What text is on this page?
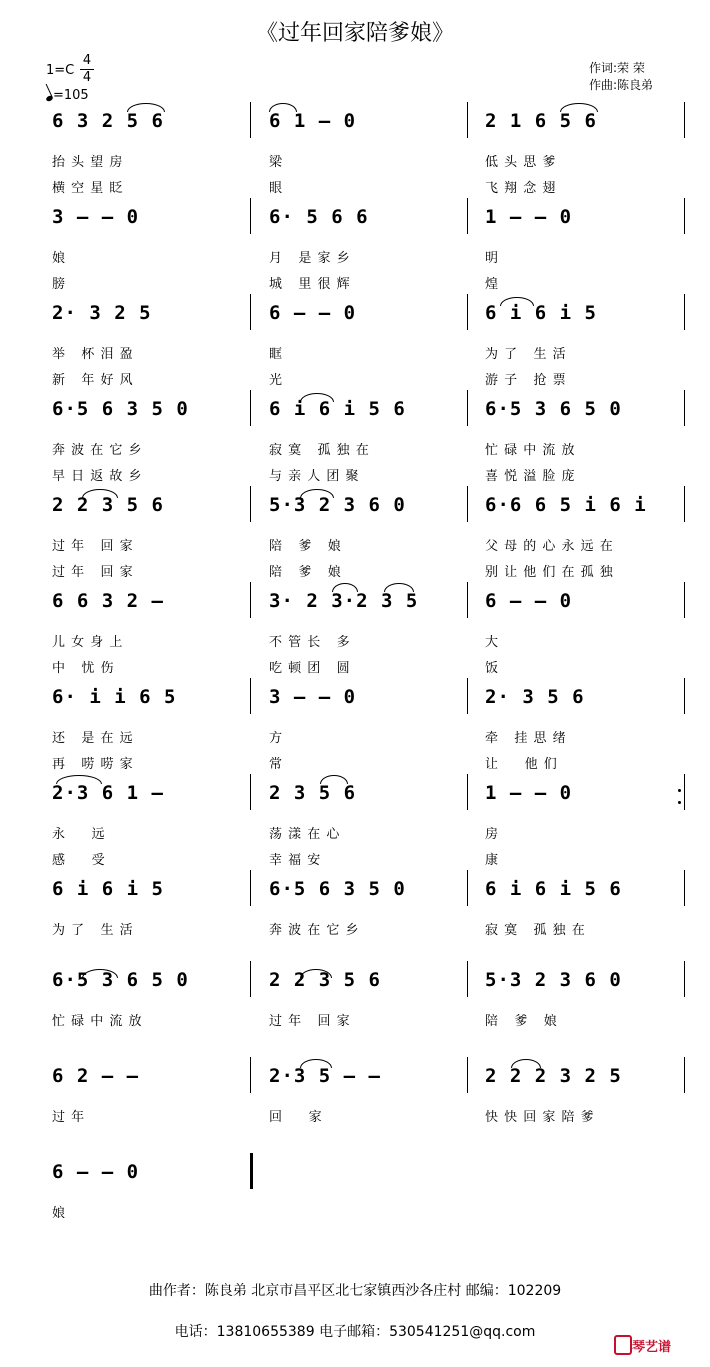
《过年回家陪爹娘》
1=C
4
4
=105
作词:荣 荣
作曲:陈良弟
6 3 2 5 6	6 1 – 0	2 1 6 5 6
抬 头 望 房	梁	低 头 思 爹
横 空 星 眨	眼	飞 翔 念 翅
3 – – 0	6· 5 6 6	1 – – 0
娘	月   是 家 乡	明
膀	城   里 很 辉	煌
2· 3 2 5	6 – – 0	6 i 6 i 5
举   杯 泪 盈	眶	为 了   生 活
新   年 好 风	光	游 子   抢 票
6·5 6 3 5 0	6 i 6 i 5 6	6·5 3 6 5 0
奔 波 在 它 乡	寂 寞   孤 独 在	忙 碌 中 流 放
早 日 返 故 乡	与 亲 人 团 聚	喜 悦 溢 脸 庞
2 2 3 5 6	5·3 2 3 6 0	6·6 6 5 i 6 i
过 年   回 家	陪   爹   娘	父 母 的 心 永 远 在
过 年   回 家	陪   爹   娘	别 让 他 们 在 孤 独
6 6 3 2 –	3· 2 3·2 3 5	6 – – 0
儿 女 身 上	不 管 长   多	大
中   忧 伤	吃 顿 团   圆	饭
6· i i 6 5	3 – – 0	2· 3 5 6
还   是 在 远	方	牵   挂 思 绪
再   唠 唠 家	常	让     他 们
2·3 6 1 –	2 3 5 6	1 – – 0
永     远	荡 漾 在 心	房
感     受	幸 福 安	康
6 i 6 i 5	6·5 6 3 5 0	6 i 6 i 5 6
为 了   生 活	奔 波 在 它 乡	寂 寞   孤 独 在
6·5 3 6 5 0	2 2 3 5 6	5·3 2 3 6 0
忙 碌 中 流 放	过 年   回 家	陪   爹   娘
6 2 – –	2·3 5 – –	2 2 2 3 2 5
过 年	回     家	快 快 回 家 陪 爹
6 – – 0
娘
曲作者：陈良弟 北京市昌平区北七家镇西沙各庄村 邮编：102209
电话：13810655389 电子邮箱：530541251@qq.com
琴艺谱
